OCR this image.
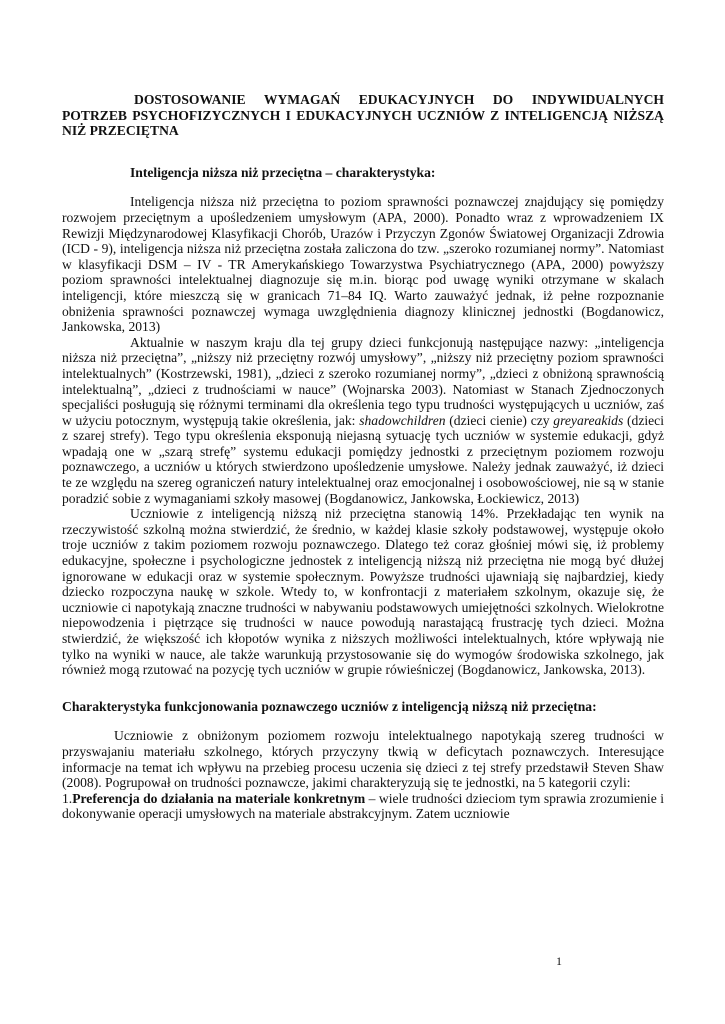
DOSTOSOWANIE WYMAGAŃ EDUKACYJNYCH DO INDYWIDUALNYCH POTRZEB PSYCHOFIZYCZNYCH I EDUKACYJNYCH UCZNIÓW Z INTELIGENCJĄ NIŻSZĄ NIŻ PRZECIĘTNA

Inteligencja niższa niż przeciętna – charakterystyka:

Inteligencja niższa niż przeciętna to poziom sprawności poznawczej znajdujący się pomiędzy rozwojem przeciętnym a upośledzeniem umysłowym (APA, 2000). Ponadto wraz z wprowadzeniem IX Rewizji Międzynarodowej Klasyfikacji Chorób, Urazów i Przyczyn Zgonów Światowej Organizacji Zdrowia (ICD - 9), inteligencja niższa niż przeciętna została zaliczona do tzw. „szeroko rozumianej normy”. Natomiast w klasyfikacji DSM – IV - TR Amerykańskiego Towarzystwa Psychiatrycznego (APA, 2000) powyższy poziom sprawności intelektualnej diagnozuje się m.in. biorąc pod uwagę wyniki otrzymane w skalach inteligencji, które mieszczą się w granicach 71–84 IQ. Warto zauważyć jednak, iż pełne rozpoznanie obniżenia sprawności poznawczej wymaga uwzględnienia diagnozy klinicznej jednostki (Bogdanowicz, Jankowska, 2013)

Aktualnie w naszym kraju dla tej grupy dzieci funkcjonują następujące nazwy: „inteligencja niższa niż przeciętna”, „niższy niż przeciętny rozwój umysłowy”, „niższy niż przeciętny poziom sprawności intelektualnych” (Kostrzewski, 1981), „dzieci z szeroko rozumianej normy”, „dzieci z obniżoną sprawnością intelektualną”, „dzieci z trudnościami w nauce” (Wojnarska 2003). Natomiast w Stanach Zjednoczonych specjaliści posługują się różnymi terminami dla określenia tego typu trudności występujących u uczniów, zaś w użyciu potocznym, występują takie określenia, jak: shadowchildren (dzieci cienie) czy greyareakids (dzieci z szarej strefy). Tego typu określenia eksponują niejasną sytuację tych uczniów w systemie edukacji, gdyż wpadają one w „szarą strefę” systemu edukacji pomiędzy jednostki z przeciętnym poziomem rozwoju poznawczego, a uczniów u których stwierdzono upośledzenie umysłowe. Należy jednak zauważyć, iż dzieci te ze względu na szereg ograniczeń natury intelektualnej oraz emocjonalnej i osobowościowej, nie są w stanie poradzić sobie z wymaganiami szkoły masowej (Bogdanowicz, Jankowska, Łockiewicz, 2013)

Uczniowie z inteligencją niższą niż przeciętna stanowią 14%. Przekładając ten wynik na rzeczywistość szkolną można stwierdzić, że średnio, w każdej klasie szkoły podstawowej, występuje około troje uczniów z takim poziomem rozwoju poznawczego. Dlatego też coraz głośniej mówi się, iż problemy edukacyjne, społeczne i psychologiczne jednostek z inteligencją niższą niż przeciętna nie mogą być dłużej ignorowane w edukacji oraz w systemie społecznym. Powyższe trudności ujawniają się najbardziej, kiedy dziecko rozpoczyna naukę w szkole. Wtedy to, w konfrontacji z materiałem szkolnym, okazuje się, że uczniowie ci napotykają znaczne trudności w nabywaniu podstawowych umiejętności szkolnych. Wielokrotne niepowodzenia i piętrzące się trudności w nauce powodują narastającą frustrację tych dzieci. Można stwierdzić, że większość ich kłopotów wynika z niższych możliwości intelektualnych, które wpływają nie tylko na wyniki w nauce, ale także warunkują przystosowanie się do wymogów środowiska szkolnego, jak również mogą rzutować na pozycję tych uczniów w grupie rówieśniczej (Bogdanowicz, Jankowska, 2013).

Charakterystyka funkcjonowania poznawczego uczniów z inteligencją niższą niż przeciętna:

Uczniowie z obniżonym poziomem rozwoju intelektualnego napotykają szereg trudności w przyswajaniu materiału szkolnego, których przyczyny tkwią w deficytach poznawczych. Interesujące informacje na temat ich wpływu na przebieg procesu uczenia się dzieci z tej strefy przedstawił Steven Shaw (2008). Pogrupował on trudności poznawcze, jakimi charakteryzują się te jednostki, na 5 kategorii czyli:

1.Preferencja do działania na materiale konkretnym – wiele trudności dzieciom tym sprawia zrozumienie i dokonywanie operacji umysłowych na materiale abstrakcyjnym. Zatem uczniowie

1
